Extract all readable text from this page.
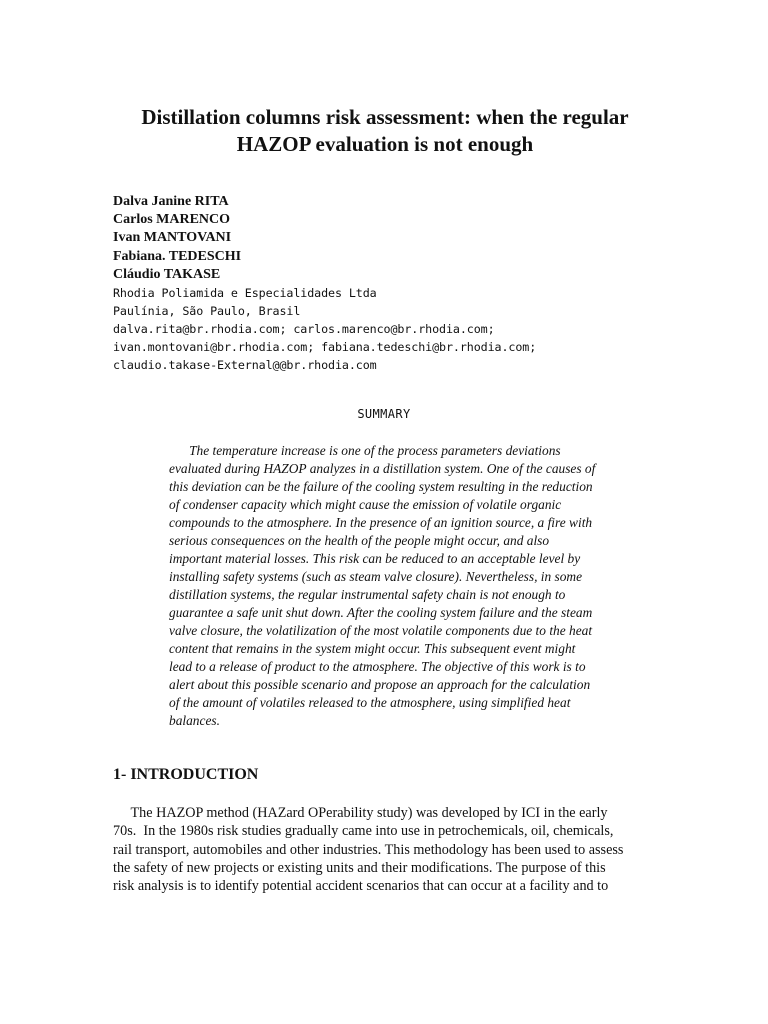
Distillation columns risk assessment: when the regular
HAZOP evaluation is not enough
Dalva Janine RITA
Carlos MARENCO
Ivan MANTOVANI
Fabiana. TEDESCHI
Cláudio TAKASE
Rhodia Poliamida e Especialidades Ltda
Paulínia, São Paulo, Brasil
dalva.rita@br.rhodia.com; carlos.marenco@br.rhodia.com;
ivan.montovani@br.rhodia.com; fabiana.tedeschi@br.rhodia.com;
claudio.takase-External@@br.rhodia.com
SUMMARY
The temperature increase is one of the process parameters deviations
evaluated during HAZOP analyzes in a distillation system. One of the causes of
this deviation can be the failure of the cooling system resulting in the reduction
of condenser capacity which might cause the emission of volatile organic
compounds to the atmosphere. In the presence of an ignition source, a fire with
serious consequences on the health of the people might occur, and also
important material losses. This risk can be reduced to an acceptable level by
installing safety systems (such as steam valve closure). Nevertheless, in some
distillation systems, the regular instrumental safety chain is not enough to
guarantee a safe unit shut down. After the cooling system failure and the steam
valve closure, the volatilization of the most volatile components due to the heat
content that remains in the system might occur. This subsequent event might
lead to a release of product to the atmosphere. The objective of this work is to
alert about this possible scenario and propose an approach for the calculation
of the amount of volatiles released to the atmosphere, using simplified heat
balances.
1- INTRODUCTION
The HAZOP method (HAZard OPerability study) was developed by ICI in the early
70s.  In the 1980s risk studies gradually came into use in petrochemicals, oil, chemicals,
rail transport, automobiles and other industries. This methodology has been used to assess
the safety of new projects or existing units and their modifications. The purpose of this
risk analysis is to identify potential accident scenarios that can occur at a facility and to
